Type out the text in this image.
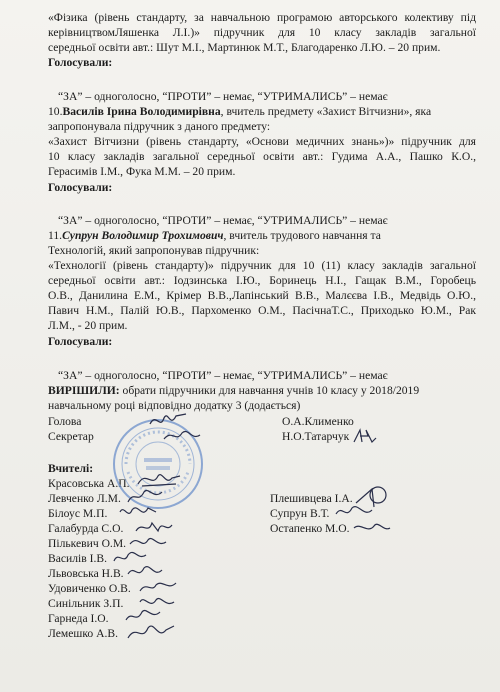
«Фізика (рівень стандарту, за навчальною програмою авторського колективу під
керівництвомЛяшенка Л.І.)» підручник для 10 класу закладів загальної
середньої освіти авт.: Шут М.І., Мартинюк М.Т., Благодаренко Л.Ю. – 20 прим.
Голосували:
“ЗА” – одноголосно, “ПРОТИ” – немає, “УТРИМАЛИСЬ” – немає
10.Василів Ірина Володимирівна, вчитель предмету «Захист Вітчизни», яка
запропонувала підручник з даного предмету:
«Захист Вітчизни (рівень стандарту, «Основи медичних знань»)» підручник для
10 класу закладів загальної середньої освіти авт.: Гудима А.А., Пашко К.О.,
Герасимів І.М., Фука М.М. – 20 прим.
Голосували:
“ЗА” – одноголосно, “ПРОТИ” – немає, “УТРИМАЛИСЬ” – немає
11.Супрун Володимир Трохимович, вчитель трудового навчання та
Технологій, який запропонував підручник:
«Технології (рівень стандарту)» підручник для 10 (11) класу закладів загальної
середньої освіти авт.: Іодзинська І.Ю., Боринець Н.І., Гащак В.М., Горобець
О.В., Данилина Е.М., Крімер В.В.,Лапінський В.В., Малєєва І.В., Медвідь О.Ю.,
Павич Н.М., Палій Ю.В., Пархоменко О.М., ПасічнаТ.С., Приходько Ю.М., Рак
Л.М., - 20 прим.
Голосували:
“ЗА” – одноголосно, “ПРОТИ” – немає, “УТРИМАЛИСЬ” – немає
ВИРІШИЛИ: обрати підручники для навчання учнів 10 класу у 2018/2019
навчальному році відповідно додатку 3 (додається)
Голова	О.А.Клименко
Секретар	Н.О.Татарчук
Вчителі:
Красовська А.П.
Левченко Л.М.
Білоус М.П.
Галабурда С.О.
Пількевич О.М.
Василів І.В.
Львовська Н.В.
Удовиченко О.В.
Синільник З.П.
Гарнеда І.О.
Лемешко А.В.
Плешивцева І.А.
Супрун В.Т.
Остапенко М.О.
